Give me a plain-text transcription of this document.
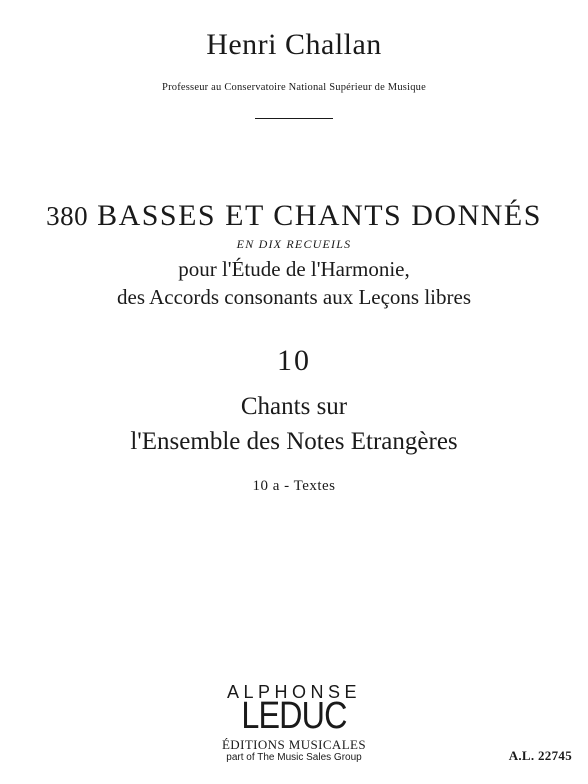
Henri Challan
Professeur au Conservatoire National Supérieur de Musique
380 BASSES ET CHANTS DONNÉS
EN DIX RECUEILS
pour l'Étude de l'Harmonie,
des Accords consonants aux Leçons libres
10
Chants sur
l'Ensemble des Notes Etrangères
10 a - Textes
ALPHONSE
LEDUC
ÉDITIONS MUSICALES
part of The Music Sales Group	A.L. 22745
